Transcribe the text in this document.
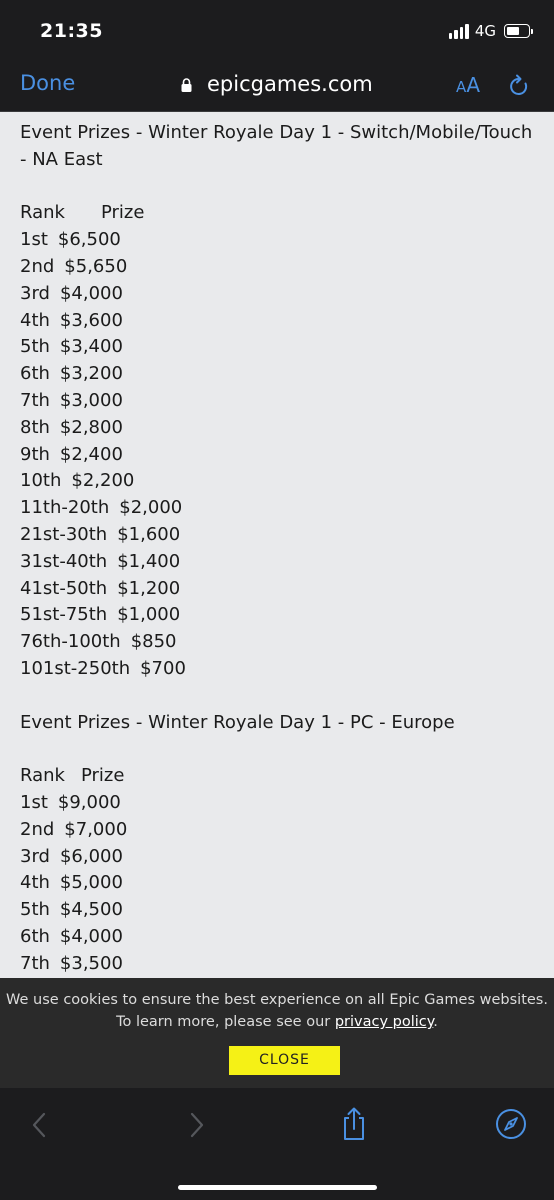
21:35	4G
Done	epicgames.com	AA
Event Prizes - Winter Royale Day 1 - Switch/Mobile/Touch - NA East
Rank Prize
1st $6,500
2nd $5,650
3rd $4,000
4th $3,600
5th $3,400
6th $3,200
7th $3,000
8th $2,800
9th $2,400
10th $2,200
11th-20th $2,000
21st-30th $1,600
31st-40th $1,400
41st-50th $1,200
51st-75th $1,000
76th-100th $850
101st-250th $700
Event Prizes - Winter Royale Day 1 - PC - Europe
Rank Prize
1st $9,000
2nd $7,000
3rd $6,000
4th $5,000
5th $4,500
6th $4,000
7th $3,500
We use cookies to ensure the best experience on all Epic Games websites.
To learn more, please see our privacy policy.
CLOSE
